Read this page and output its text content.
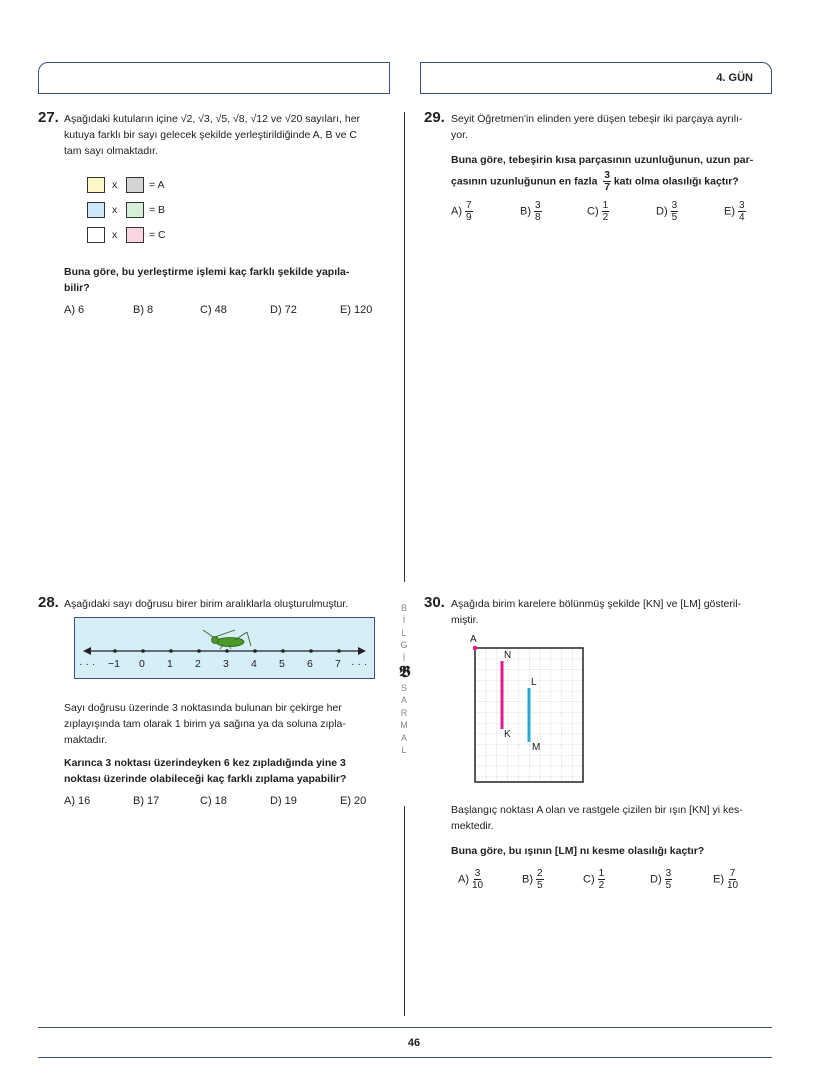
4. GÜN
B
İ
L
G
İ
𝕭
S
A
R
M
A
L
27. Aşağıdaki kutuların içine √2, √3, √5, √8, √12 ve √20 sayıları, her
kutuya farklı bir sayı gelecek şekilde yerleştirildiğinde A, B ve C
tam sayı olmaktadır.
x	= A
x	= B
x	= C
Buna göre, bu yerleştirme işlemi kaç farklı şekilde yapıla-
bilir?
A) 6	B) 8	C) 48	D) 72	E) 120
28. Aşağıdaki sayı doğrusu birer birim aralıklarla oluşturulmuştur.
· · · −1 0 1 2 3 4 5 6 7 · · ·
Sayı doğrusu üzerinde 3 noktasında bulunan bir çekirge her
zıplayışında tam olarak 1 birim ya sağına ya da soluna zıpla-
maktadır.
Karınca 3 noktası üzerindeyken 6 kez zıpladığında yine 3
noktası üzerinde olabileceği kaç farklı zıplama yapabilir?
A) 16	B) 17	C) 18	D) 19	E) 20
29. Seyit Öğretmen'in elinden yere düşen tebeşir iki parçaya ayrılı-
yor.
Buna göre, tebeşirin kısa parçasının uzunluğunun, uzun par-
çasının uzunluğunun en fazla $\frac{3}{7}$ katı olma olasılığı kaçtır?
$A) \frac{7}{9}$	$B) \frac{3}{8}$	$C) \frac{1}{2}$	$D) \frac{3}{5}$	$E) \frac{3}{4}$
30. Aşağıda birim karelere bölünmüş şekilde [KN] ve [LM] gösteril-
miştir.
A
N
K
L
M
Başlangıç noktası A olan ve rastgele çizilen bir ışın [KN] yi kes-
mektedir.
Buna göre, bu ışının [LM] nı kesme olasılığı kaçtır?
$A) \frac{3}{10}$	$B) \frac{2}{5}$	$C) \frac{1}{2}$	$D) \frac{3}{5}$	$E) \frac{7}{10}$
46
